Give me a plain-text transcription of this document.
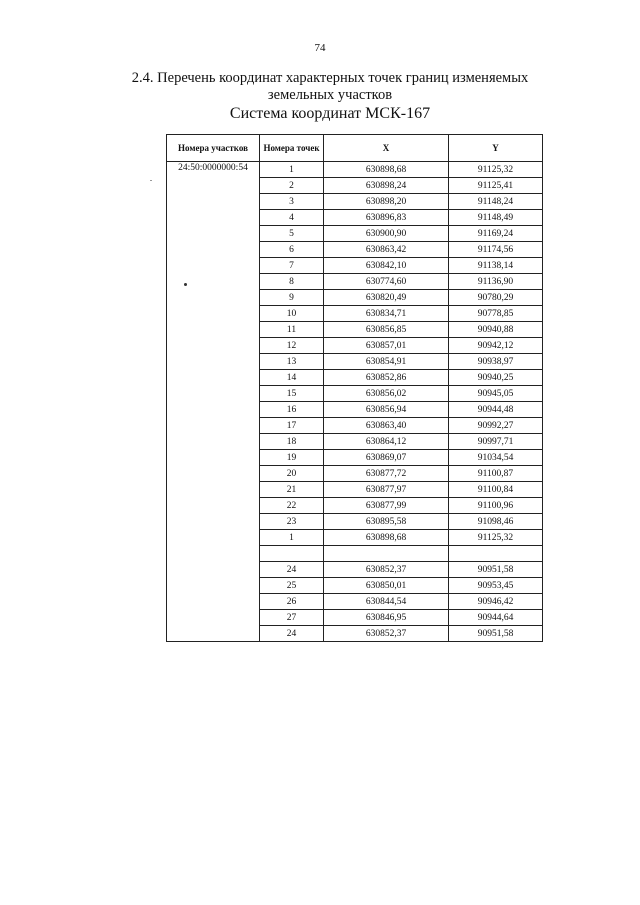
74
2.4. Перечень координат характерных точек границ изменяемых
земельных участков
Система координат МСК-167
Номера участков	Номера точек	X	Y
24:50:0000000:54	1	630898,68	91125,32
	2	630898,24	91125,41
	3	630898,20	91148,24
	4	630896,83	91148,49
	5	630900,90	91169,24
	6	630863,42	91174,56
	7	630842,10	91138,14
	8	630774,60	91136,90
	9	630820,49	90780,29
	10	630834,71	90778,85
	11	630856,85	90940,88
	12	630857,01	90942,12
	13	630854,91	90938,97
	14	630852,86	90940,25
	15	630856,02	90945,05
	16	630856,94	90944,48
	17	630863,40	90992,27
	18	630864,12	90997,71
	19	630869,07	91034,54
	20	630877,72	91100,87
	21	630877,97	91100,84
	22	630877,99	91100,96
	23	630895,58	91098,46
	1	630898,68	91125,32

	24	630852,37	90951,58
	25	630850,01	90953,45
	26	630844,54	90946,42
	27	630846,95	90944,64
	24	630852,37	90951,58
